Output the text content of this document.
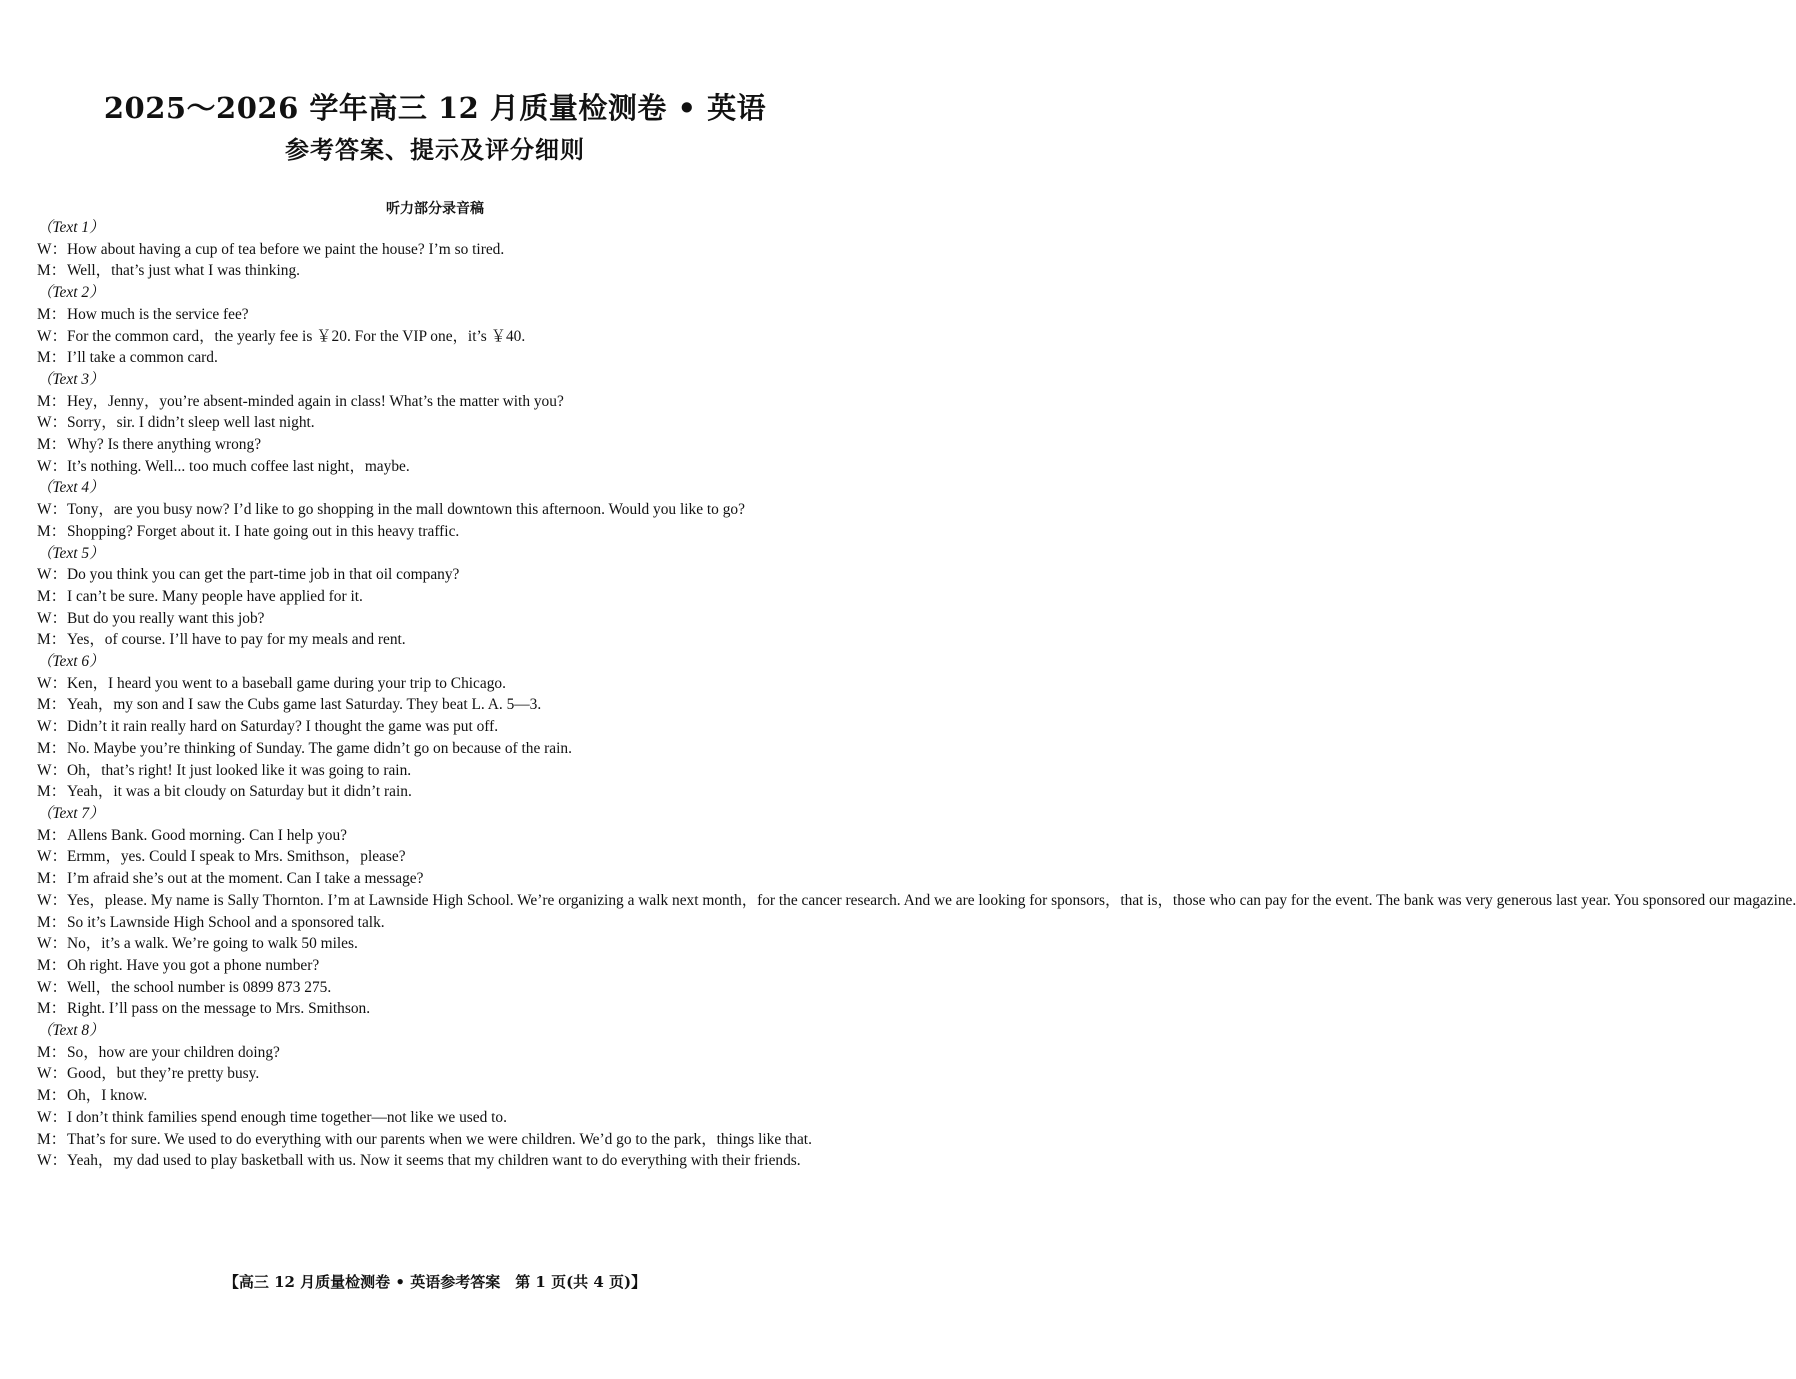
2025～2026 学年高三 12 月质量检测卷 • 英语
参考答案、提示及评分细则
听力部分录音稿
（Text 1）
W： How about having a cup of tea before we paint the house? I’m so tired.
M： Well，that’s just what I was thinking.
（Text 2）
M： How much is the service fee?
W： For the common card，the yearly fee is ￥20. For the VIP one，it’s ￥40.
M： I’ll take a common card.
（Text 3）
M： Hey，Jenny，you’re absent-minded again in class! What’s the matter with you?
W： Sorry，sir. I didn’t sleep well last night.
M： Why? Is there anything wrong?
W： It’s nothing. Well... too much coffee last night，maybe.
（Text 4）
W： Tony，are you busy now? I’d like to go shopping in the mall downtown this afternoon. Would you like to go?
M： Shopping? Forget about it. I hate going out in this heavy traffic.
（Text 5）
W： Do you think you can get the part-time job in that oil company?
M： I can’t be sure. Many people have applied for it.
W： But do you really want this job?
M： Yes，of course. I’ll have to pay for my meals and rent.
（Text 6）
W： Ken，I heard you went to a baseball game during your trip to Chicago.
M： Yeah，my son and I saw the Cubs game last Saturday. They beat L. A. 5—3.
W： Didn’t it rain really hard on Saturday? I thought the game was put off.
M： No. Maybe you’re thinking of Sunday. The game didn’t go on because of the rain.
W： Oh，that’s right! It just looked like it was going to rain.
M： Yeah，it was a bit cloudy on Saturday but it didn’t rain.
（Text 7）
M： Allens Bank. Good morning. Can I help you?
W： Ermm，yes. Could I speak to Mrs. Smithson，please?
M： I’m afraid she’s out at the moment. Can I take a message?
W： Yes，please. My name is Sally Thornton. I’m at Lawnside High School. We’re organizing a walk next month，for the cancer research. And we are looking for sponsors，that is，those who can pay for the event. The bank was very generous last year. You sponsored our magazine.
M： So it’s Lawnside High School and a sponsored talk.
W： No，it’s a walk. We’re going to walk 50 miles.
M： Oh right. Have you got a phone number?
W： Well，the school number is 0899 873 275.
M： Right. I’ll pass on the message to Mrs. Smithson.
（Text 8）
M： So，how are your children doing?
W： Good，but they’re pretty busy.
M： Oh，I know.
W： I don’t think families spend enough time together—not like we used to.
M： That’s for sure. We used to do everything with our parents when we were children. We’d go to the park，things like that.
W： Yeah，my dad used to play basketball with us. Now it seems that my children want to do everything with their friends.
【高三 12 月质量检测卷 • 英语参考答案　第 1 页(共 4 页)】
